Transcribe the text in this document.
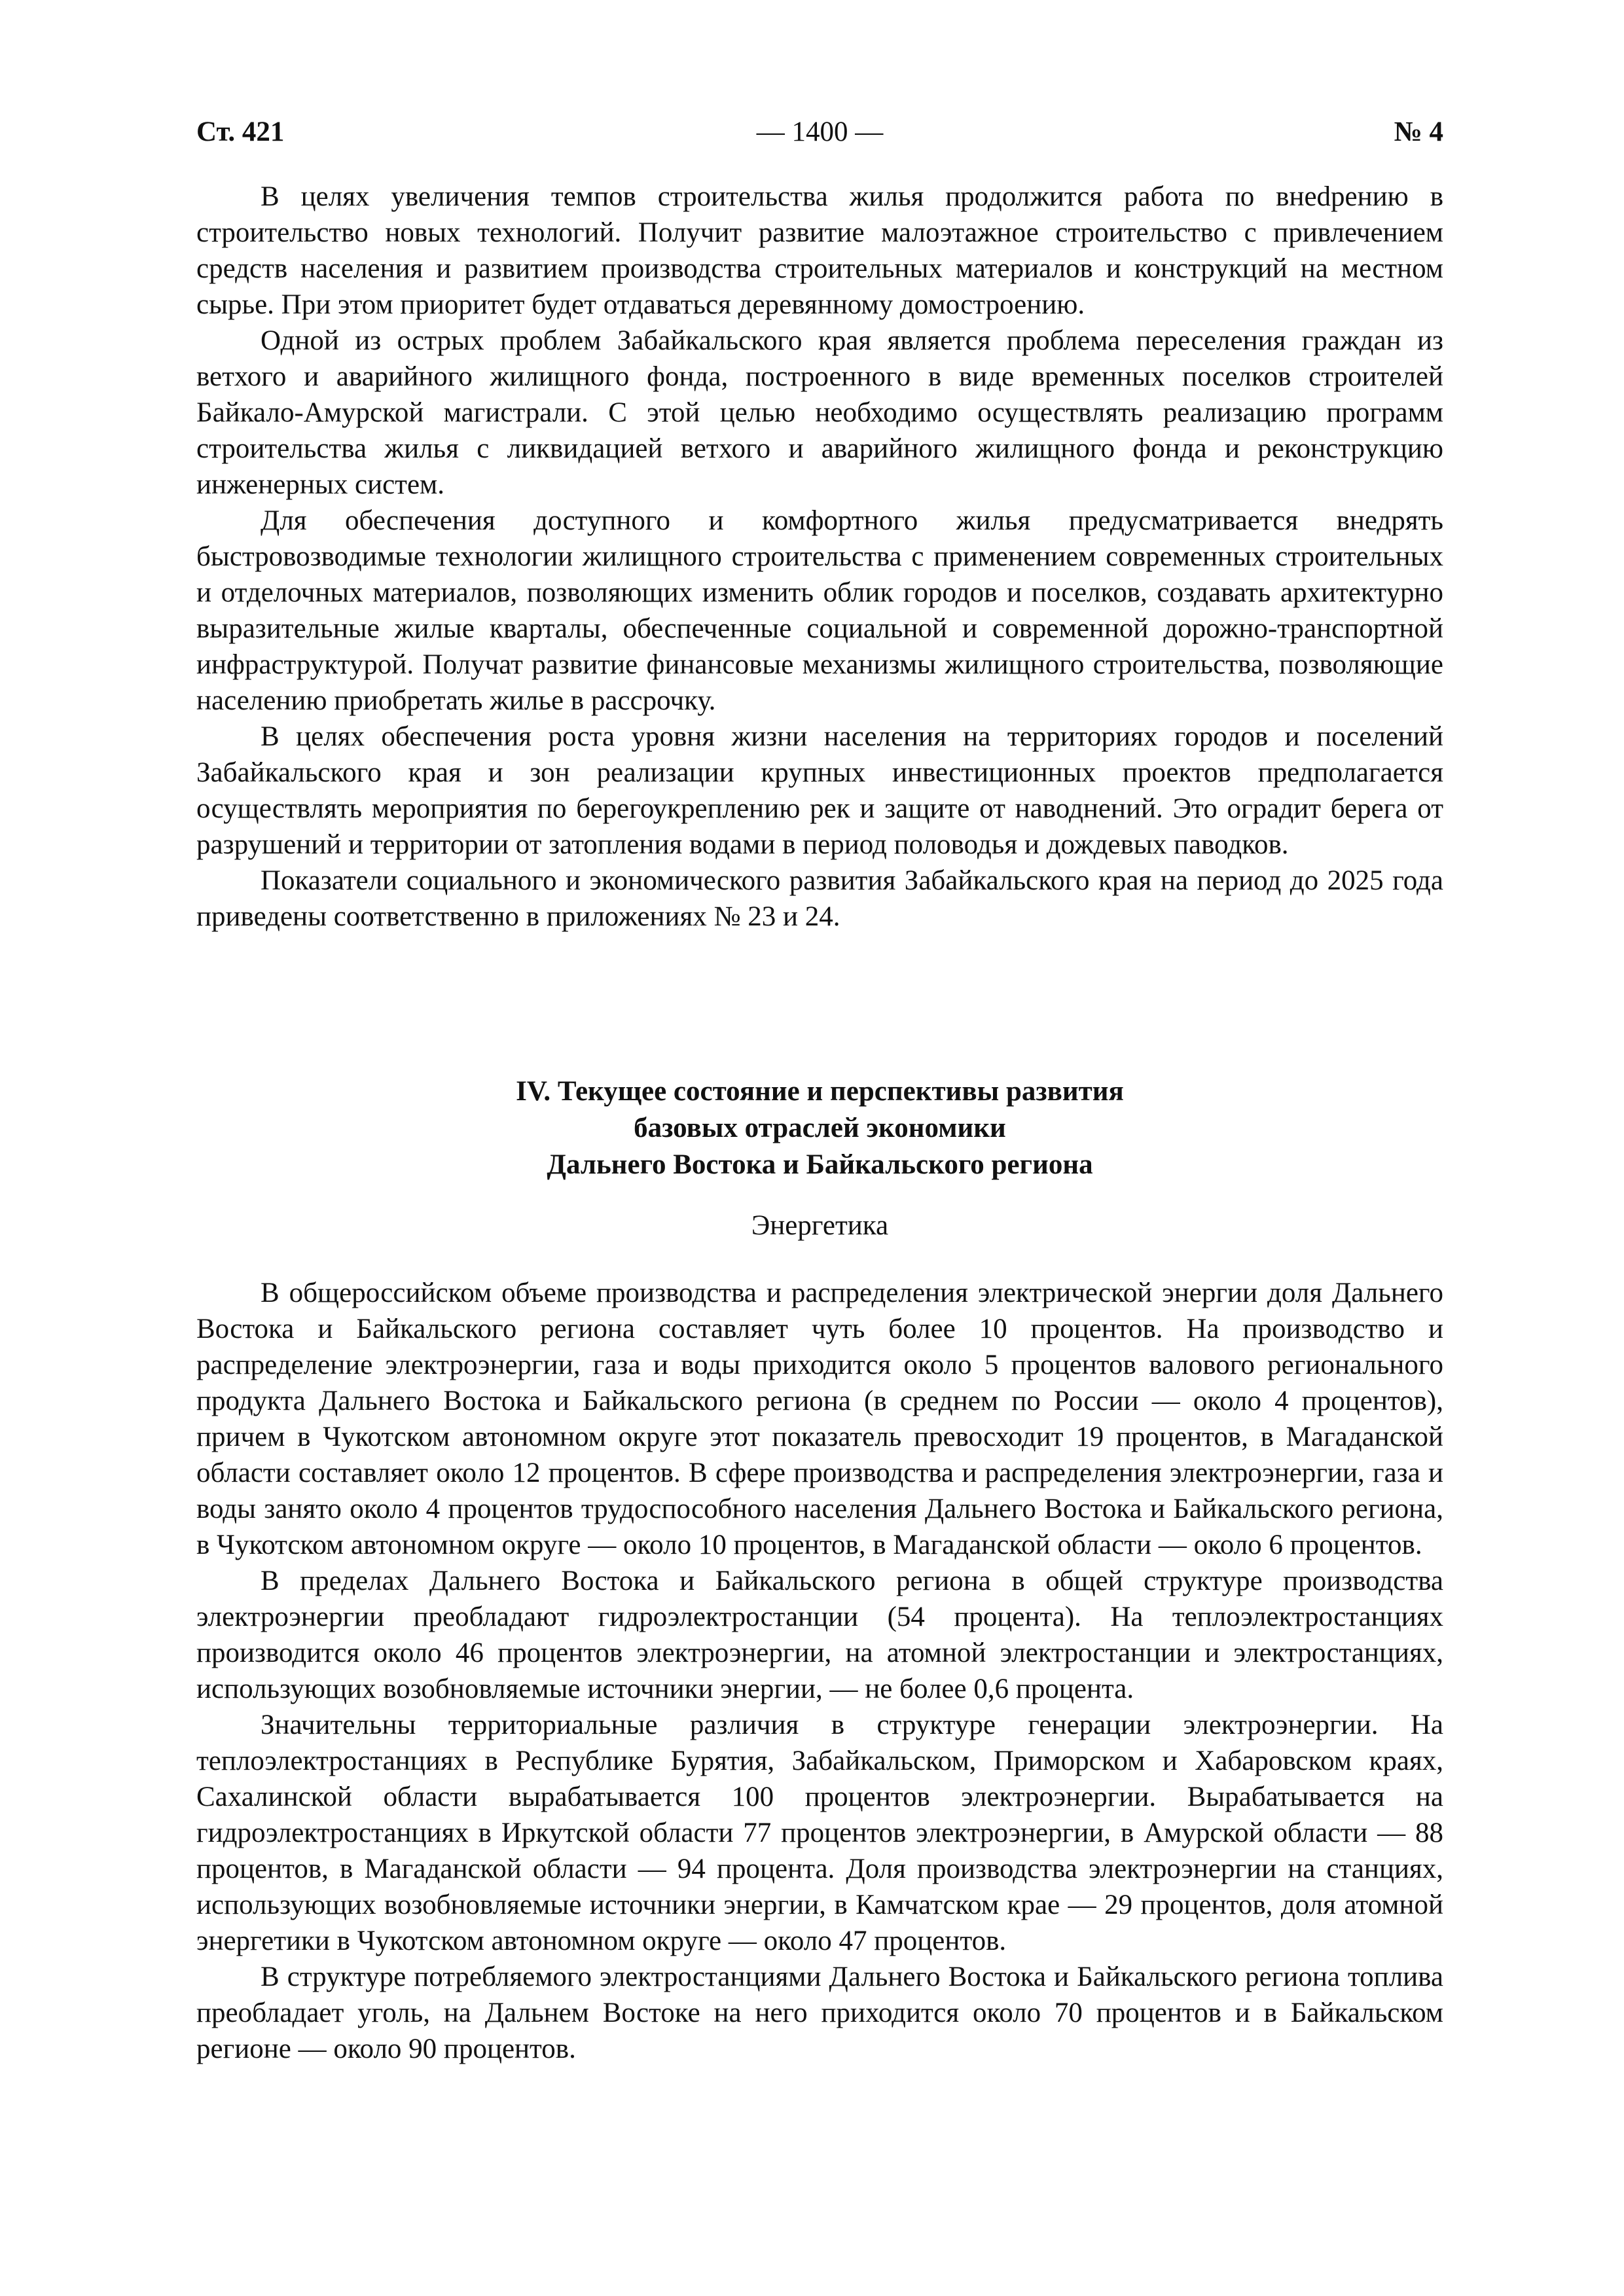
— 1400 —
Ст. 421	№ 4

В целях увеличения темпов строительства жилья продолжится работа по внеdрению в строительство новых технологий. Получит развитие малоэтажное строительство с привлечением средств населения и развитием производства строительных материалов и конструкций на местном сырье. При этом приоритет будет отдаваться деревянному домостроению.

Одной из острых проблем Забайкальского края является проблема переселения граждан из ветхого и аварийного жилищного фонда, построенного в виде временных поселков строителей Байкало-Амурской магистрали. С этой целью необходимо осуществлять реализацию программ строительства жилья с ликвидацией ветхого и аварийного жилищного фонда и реконструкцию инженерных систем.

Для обеспечения доступного и комфортного жилья предусматривается внедрять быстровозводимые технологии жилищного строительства с применением современных строительных и отделочных материалов, позволяющих изменить облик городов и поселков, создавать архитектурно выразительные жилые кварталы, обеспеченные социальной и современной дорожно-транспортной инфраструктурой. Получат развитие финансовые механизмы жилищного строительства, позволяющие населению приобретать жилье в рассрочку.

В целях обеспечения роста уровня жизни населения на территориях городов и поселений Забайкальского края и зон реализации крупных инвестиционных проектов предполагается осуществлять мероприятия по берегоукреплению рек и защите от наводнений. Это оградит берега от разрушений и территории от затопления водами в период половодья и дождевых паводков.

Показатели социального и экономического развития Забайкальского края на период до 2025 года приведены соответственно в приложениях № 23 и 24.

IV. Текущее состояние и перспективы развития
базовых отраслей экономики
Дальнего Востока и Байкальского региона
Энергетика

В общероссийском объеме производства и распределения электрической энергии доля Дальнего Востока и Байкальского региона составляет чуть более 10 процентов. На производство и распределение электроэнергии, газа и воды приходится около 5 процентов валового регионального продукта Дальнего Востока и Байкальского региона (в среднем по России — около 4 процентов), причем в Чукотском автономном округе этот показатель превосходит 19 процентов, в Магаданской области составляет около 12 процентов. В сфере производства и распределения электроэнергии, газа и воды занято около 4 процентов трудоспособного населения Дальнего Востока и Байкальского региона, в Чукотском автономном округе — около 10 процентов, в Магаданской области — около 6 процентов.

В пределах Дальнего Востока и Байкальского региона в общей структуре производства электроэнергии преобладают гидроэлектростанции (54 процента). На теплоэлектростанциях производится около 46 процентов электроэнергии, на атомной электростанции и электростанциях, использующих возобновляемые источники энергии, — не более 0,6 процента.

Значительны территориальные различия в структуре генерации электроэнергии. На теплоэлектростанциях в Республике Бурятия, Забайкальском, Приморском и Хабаровском краях, Сахалинской области вырабатывается 100 процентов электроэнергии. Вырабатывается на гидроэлектростанциях в Иркутской области 77 процентов электроэнергии, в Амурской области — 88 процентов, в Магаданской области — 94 процента. Доля производства электроэнергии на станциях, использующих возобновляемые источники энергии, в Камчатском крае — 29 процентов, доля атомной энергетики в Чукотском автономном округе — около 47 процентов.

В структуре потребляемого электростанциями Дальнего Востока и Байкальского региона топлива преобладает уголь, на Дальнем Востоке на него приходится около 70 процентов и в Байкальском регионе — около 90 процентов.
